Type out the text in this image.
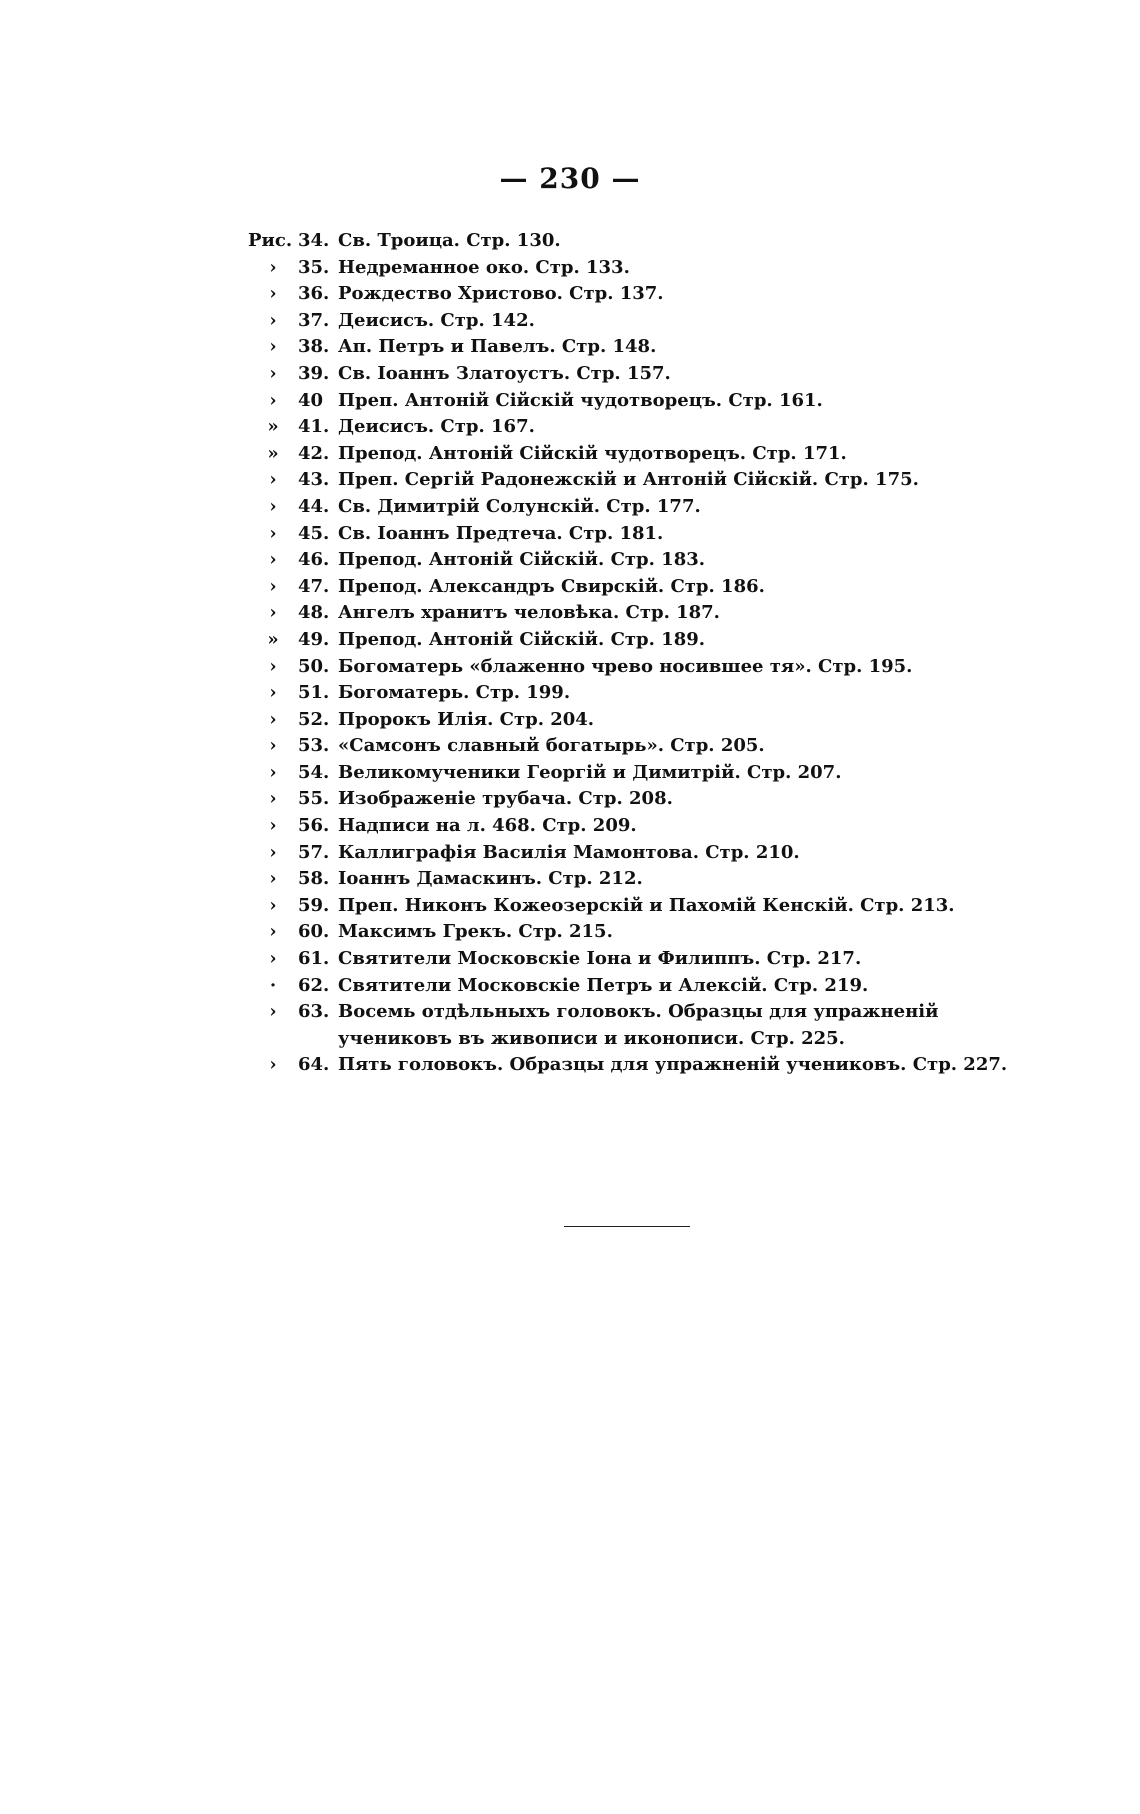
— 230 —
Рис. 34. Св. Троица. Стр. 130.
›	35. Недреманное око. Стр. 133.
›	36. Рождество Христово. Стр. 137.
›	37. Деисисъ. Стр. 142.
›	38. Ап. Петръ и Павелъ. Стр. 148.
›	39. Св. Iоаннъ Златоустъ. Стр. 157.
›	40 Преп. Антоній Сійскій чудотворецъ. Стр. 161.
»	41. Деисисъ. Стр. 167.
»	42. Препод. Антоній Сійскій чудотворецъ. Стр. 171.
›	43. Преп. Сергій Радонежскій и Антоній Сійскій. Стр. 175.
›	44. Св. Димитрій Солунскій. Стр. 177.
›	45. Св. Iоаннъ Предтеча. Стр. 181.
›	46. Препод. Антоній Сійскій. Стр. 183.
›	47. Препод. Александръ Свирскій. Стр. 186.
›	48. Ангелъ хранитъ человѣка. Стр. 187.
»	49. Препод. Антоній Сійскій. Стр. 189.
›	50. Богоматерь «блаженно чрево носившее тя». Стр. 195.
›	51. Богоматерь. Стр. 199.
›	52. Пророкъ Илія. Стр. 204.
›	53. «Самсонъ славный богатырь». Стр. 205.
›	54. Великомученики Георгій и Димитрій. Стр. 207.
›	55. Изображеніе трубача. Стр. 208.
›	56. Надписи на л. 468. Стр. 209.
›	57. Каллиграфія Василія Мамонтова. Стр. 210.
›	58. Iоаннъ Дамаскинъ. Стр. 212.
›	59. Преп. Никонъ Кожеозерскій и Пахомій Кенскій. Стр. 213.
›	60. Максимъ Грекъ. Стр. 215.
›	61. Святители Московскіе Iона и Филиппъ. Стр. 217.
·	62. Святители Московскіе Петръ и Алексій. Стр. 219.
›	63. Восемь отдѣльныхъ головокъ. Образцы для упражненій учениковъ въ живописи и иконописи. Стр. 225.
›	64. Пять головокъ. Образцы для упражненій учениковъ. Стр. 227.
